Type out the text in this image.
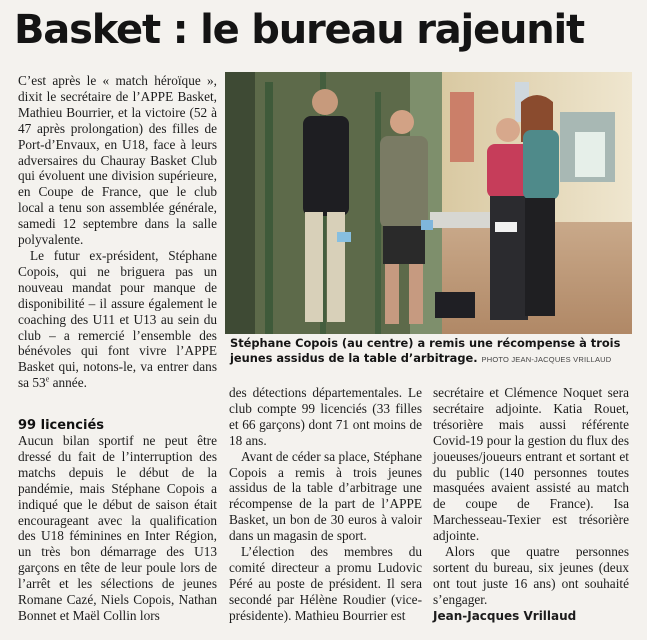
Basket : le bureau rajeunit

C’est après le « match héroïque », dixit le secrétaire de l’APPE Basket, Mathieu Bourrier, et la victoire (52 à 47 après prolongation) des filles de Port-d’Envaux, en U18, face à leurs adversaires du Chauray Basket Club qui évoluent une division supérieure, en Coupe de France, que le club local a tenu son assemblée générale, samedi 12 septembre dans la salle polyvalente.

Le futur ex-président, Stéphane Copois, qui ne briguera pas un nouveau mandat pour manque de disponibilité – il assure également le coaching des U11 et U13 au sein du club – a remercié l’ensemble des bénévoles qui font vivre l’APPE Basket qui, notons-le, va entrer dans sa 53e année.

99 licenciés

Aucun bilan sportif ne peut être dressé du fait de l’interruption des matchs depuis le début de la pandémie, mais Stéphane Copois a indiqué que le début de saison était encourageant avec la qualification des U18 féminines en Inter Région, un très bon démarrage des U13 garçons en tête de leur poule lors de l’arrêt et les sélections de jeunes Romane Cazé, Niels Copois, Nathan Bonnet et Maël Collin lors

Stéphane Copois (au centre) a remis une récompense à trois jeunes assidus de la table d’arbitrage. PHOTO JEAN-JACQUES VRILLAUD

des détections départementales. Le club compte 99 licenciés (33 filles et 66 garçons) dont 71 ont moins de 18 ans.

Avant de céder sa place, Stéphane Copois a remis à trois jeunes assidus de la table d’arbitrage une récompense de la part de l’APPE Basket, un bon de 30 euros à valoir dans un magasin de sport.

L’élection des membres du comité directeur a promu Ludovic Péré au poste de président. Il sera secondé par Hélène Roudier (vice-présidente). Mathieu Bourrier est

secrétaire et Clémence Noquet sera secrétaire adjointe. Katia Rouet, trésorière mais aussi référente Covid-19 pour la gestion du flux des joueuses/joueurs entrant et sortant et du public (140 personnes toutes masquées avaient assisté au match de coupe de France). Isa Marchesseau-Texier est trésorière adjointe.

Alors que quatre personnes sortent du bureau, six jeunes (deux ont tout juste 16 ans) ont souhaité s’engager.

Jean-Jacques Vrillaud
